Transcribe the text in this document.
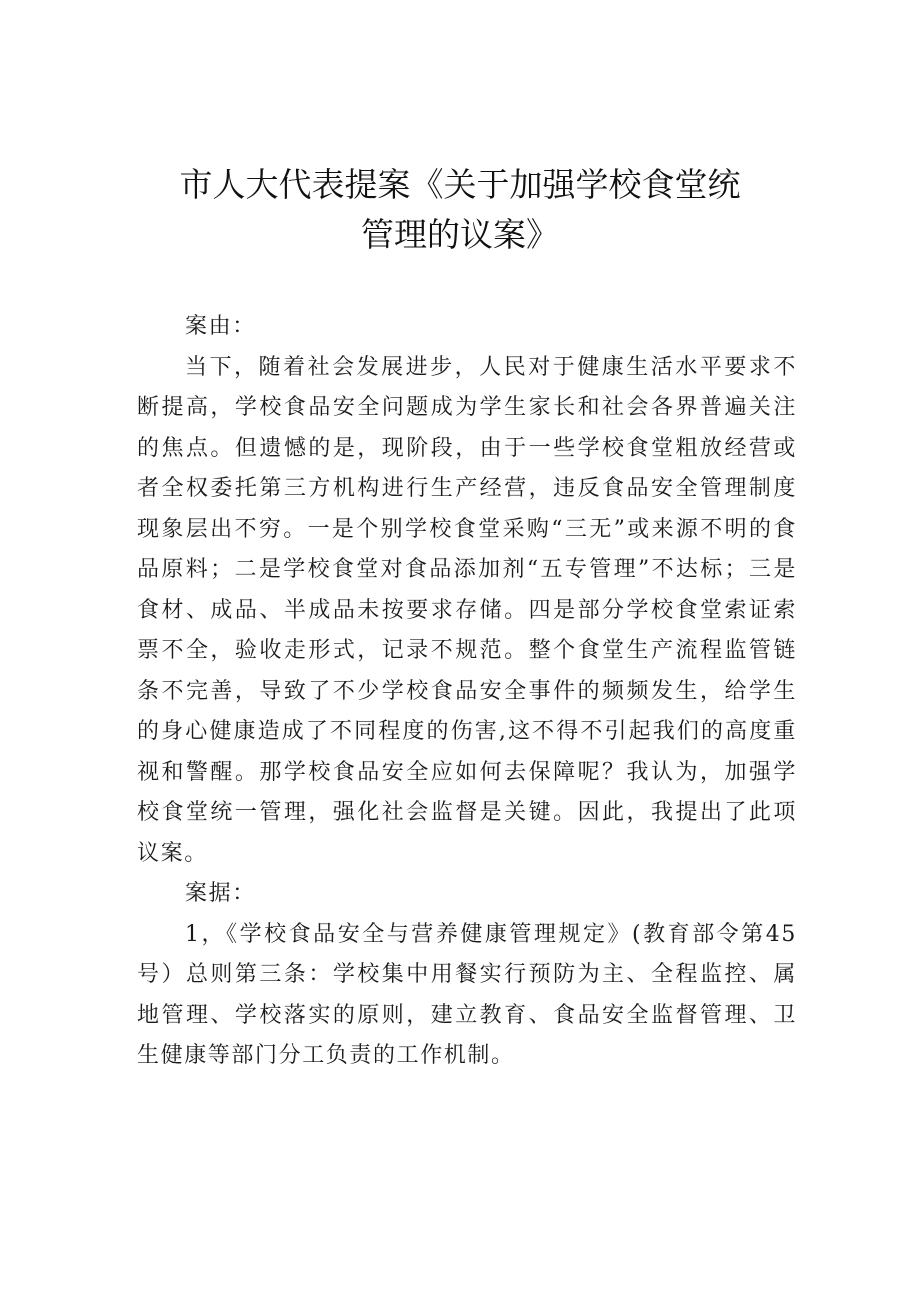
市人大代表提案《关于加强学校食堂统
管理的议案》

案由：

当下，随着社会发展进步，人民对于健康生活水平要求不断提高，学校食品安全问题成为学生家长和社会各界普遍关注的焦点。但遗憾的是，现阶段，由于一些学校食堂粗放经营或者全权委托第三方机构进行生产经营，违反食品安全管理制度现象层出不穷。一是个别学校食堂采购“三无”或来源不明的食品原料；二是学校食堂对食品添加剂“五专管理”不达标；三是食材、成品、半成品未按要求存储。四是部分学校食堂索证索票不全，验收走形式，记录不规范。整个食堂生产流程监管链条不完善，导致了不少学校食品安全事件的频频发生，给学生的身心健康造成了不同程度的伤害,这不得不引起我们的高度重视和警醒。那学校食品安全应如何去保障呢？我认为，加强学校食堂统一管理，强化社会监督是关键。因此，我提出了此项议案。

案据：

1，《学校食品安全与营养健康管理规定》(教育部令第45号）总则第三条：学校集中用餐实行预防为主、全程监控、属地管理、学校落实的原则，建立教育、食品安全监督管理、卫生健康等部门分工负责的工作机制。
